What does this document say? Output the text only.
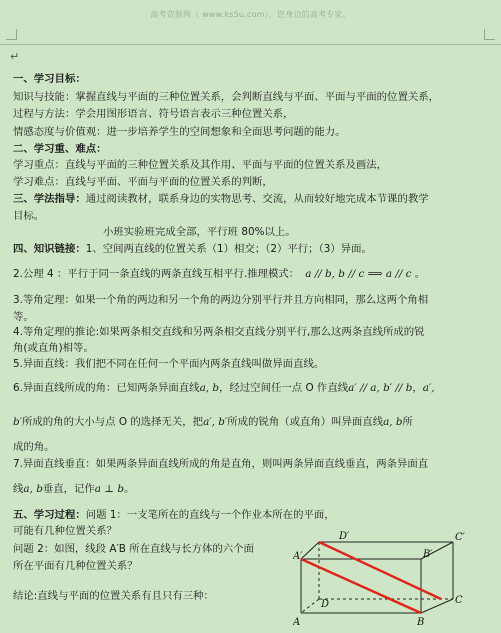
高考资源网（ www.ks5u.com），您身边的高考专家。
↵
一、学习目标：
知识与技能：掌握直线与平面的三种位置关系，会判断直线与平面、平面与平面的位置关系，
过程与方法：学会用图形语言、符号语言表示三种位置关系，
情感态度与价值观：进一步培养学生的空间想象和全面思考问题的能力。
二、学习重、难点：
学习重点：直线与平面的三种位置关系及其作用、平面与平面的位置关系及画法，
学习难点：直线与平面、平面与平面的位置关系的判断，
三、学法指导：通过阅读教材，联系身边的实物思考、交流，从而较好地完成本节课的教学
目标。
小班实验班完成全部，平行班 80%以上。
四、知识链接：1、空间两直线的位置关系（1）相交；（2）平行；（3）异面。
2.公理 4 ：平行于同一条直线的两条直线互相平行.推理模式： a // b, b // c ⟹ a // c 。
3.等角定理：如果一个角的两边和另一个角的两边分别平行并且方向相同，那么这两个角相
等。
4.等角定理的推论:如果两条相交直线和另两条相交直线分别平行,那么这两条直线所成的锐
角(或直角)相等。
5.异面直线：我们把不同在任何一个平面内两条直线叫做异面直线。
6.异面直线所成的角：已知两条异面直线a, b，经过空间任一点 O 作直线a′ // a, b′ // b，a′,
b′所成的角的大小与点 O 的选择无关，把a′, b′所成的锐角（或直角）叫异面直线a, b所
成的角。
7.异面直线垂直：如果两条异面直线所成的角是直角，则叫两条异面直线垂直，两条异面直
线a, b垂直，记作a ⊥ b。
五、学习过程：问题 1：一支笔所在的直线与一个作业本所在的平面，
可能有几种位置关系？
问题 2：如图，线段 A′B 所在直线与长方体的六个面
所在平面有几种位置关系？
结论:直线与平面的位置关系有且只有三种：
D′	C′
A′	B′
D	C
A	B
